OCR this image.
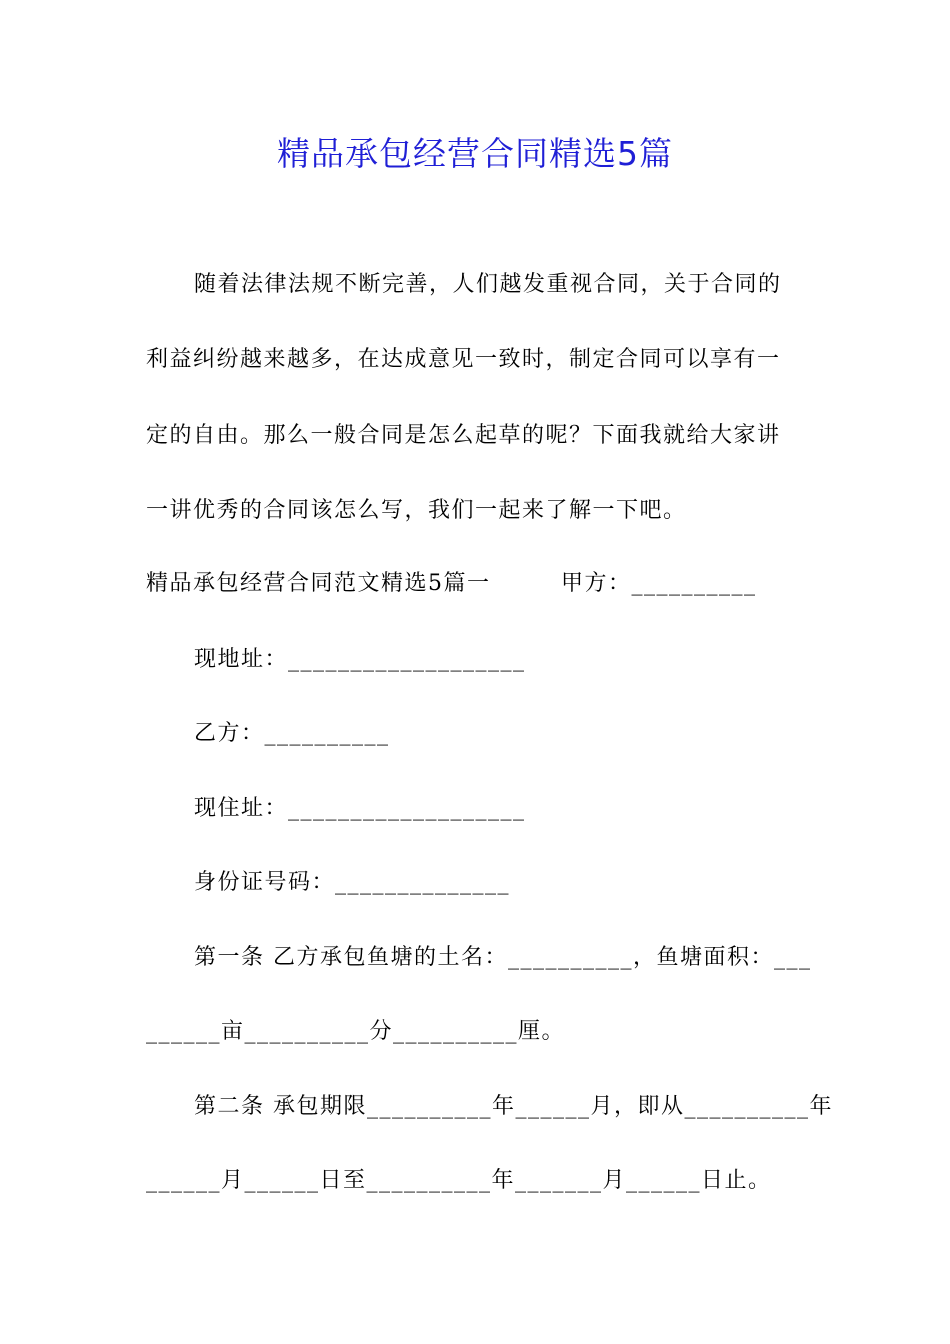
精品承包经营合同精选5篇
随着法律法规不断完善，人们越发重视合同，关于合同的
利益纠纷越来越多，在达成意见一致时，制定合同可以享有一
定的自由。那么一般合同是怎么起草的呢？下面我就给大家讲
一讲优秀的合同该怎么写，我们一起来了解一下吧。
精品承包经营合同范文精选5篇一　　　甲方：__________
现地址：___________________
乙方：__________
现住址：___________________
身份证号码：______________
第一条 乙方承包鱼塘的土名：__________，鱼塘面积：___
______亩__________分__________厘。
第二条 承包期限__________年______月，即从__________年
______月______日至__________年_______月______日止。
